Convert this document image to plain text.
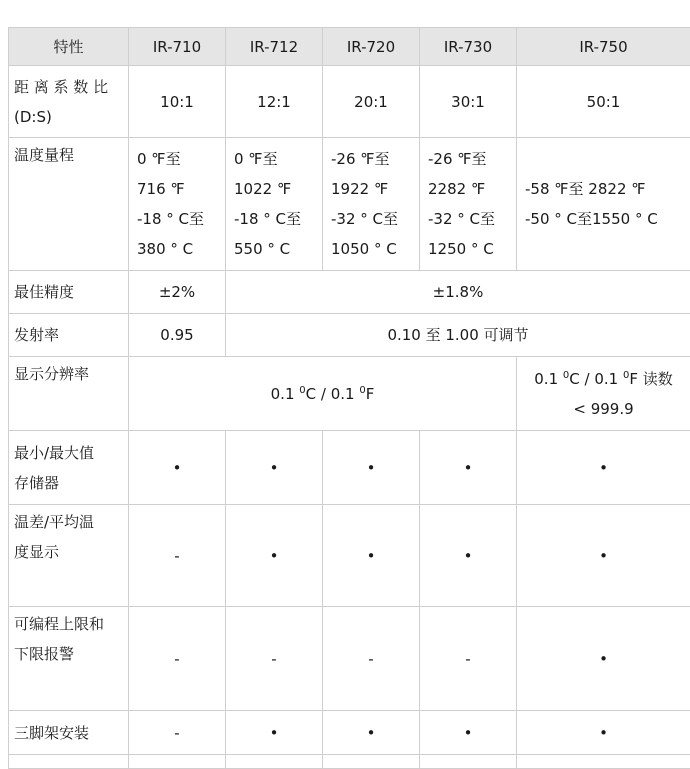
特性	IR-710	IR-712	IR-720	IR-730	IR-750

距 离 系 数 比
(D:S)	10:1	12:1	20:1	30:1	50:1
温度量程	0 ℉至
716 ℉
-18 ° C至
380 ° C	0 ℉至
1022 ℉
-18 ° C至
550 ° C	-26 ℉至
1922 ℉
-32 ° C至
1050 ° C	-26 ℉至
2282 ℉
-32 ° C至
1250 ° C	-58 ℉至 2822 ℉
-50 ° C至1550 ° C

最佳精度	±2%	±1.8%			
发射率	0.95	0.10 至 1.00 可调节			
显示分辨率	0.1 $^0$C / 0.1 $^0$F				0.1 $^0$C / 0.1 $^0$F 读数
< 999.9

最小/最大值
存储器	•	•	•	•	•

温差/平均温
度显示	-	•	•	•	•

可编程上限和
下限报警	-	-	-	-	•
三脚架安装	-	•	•	•	•
